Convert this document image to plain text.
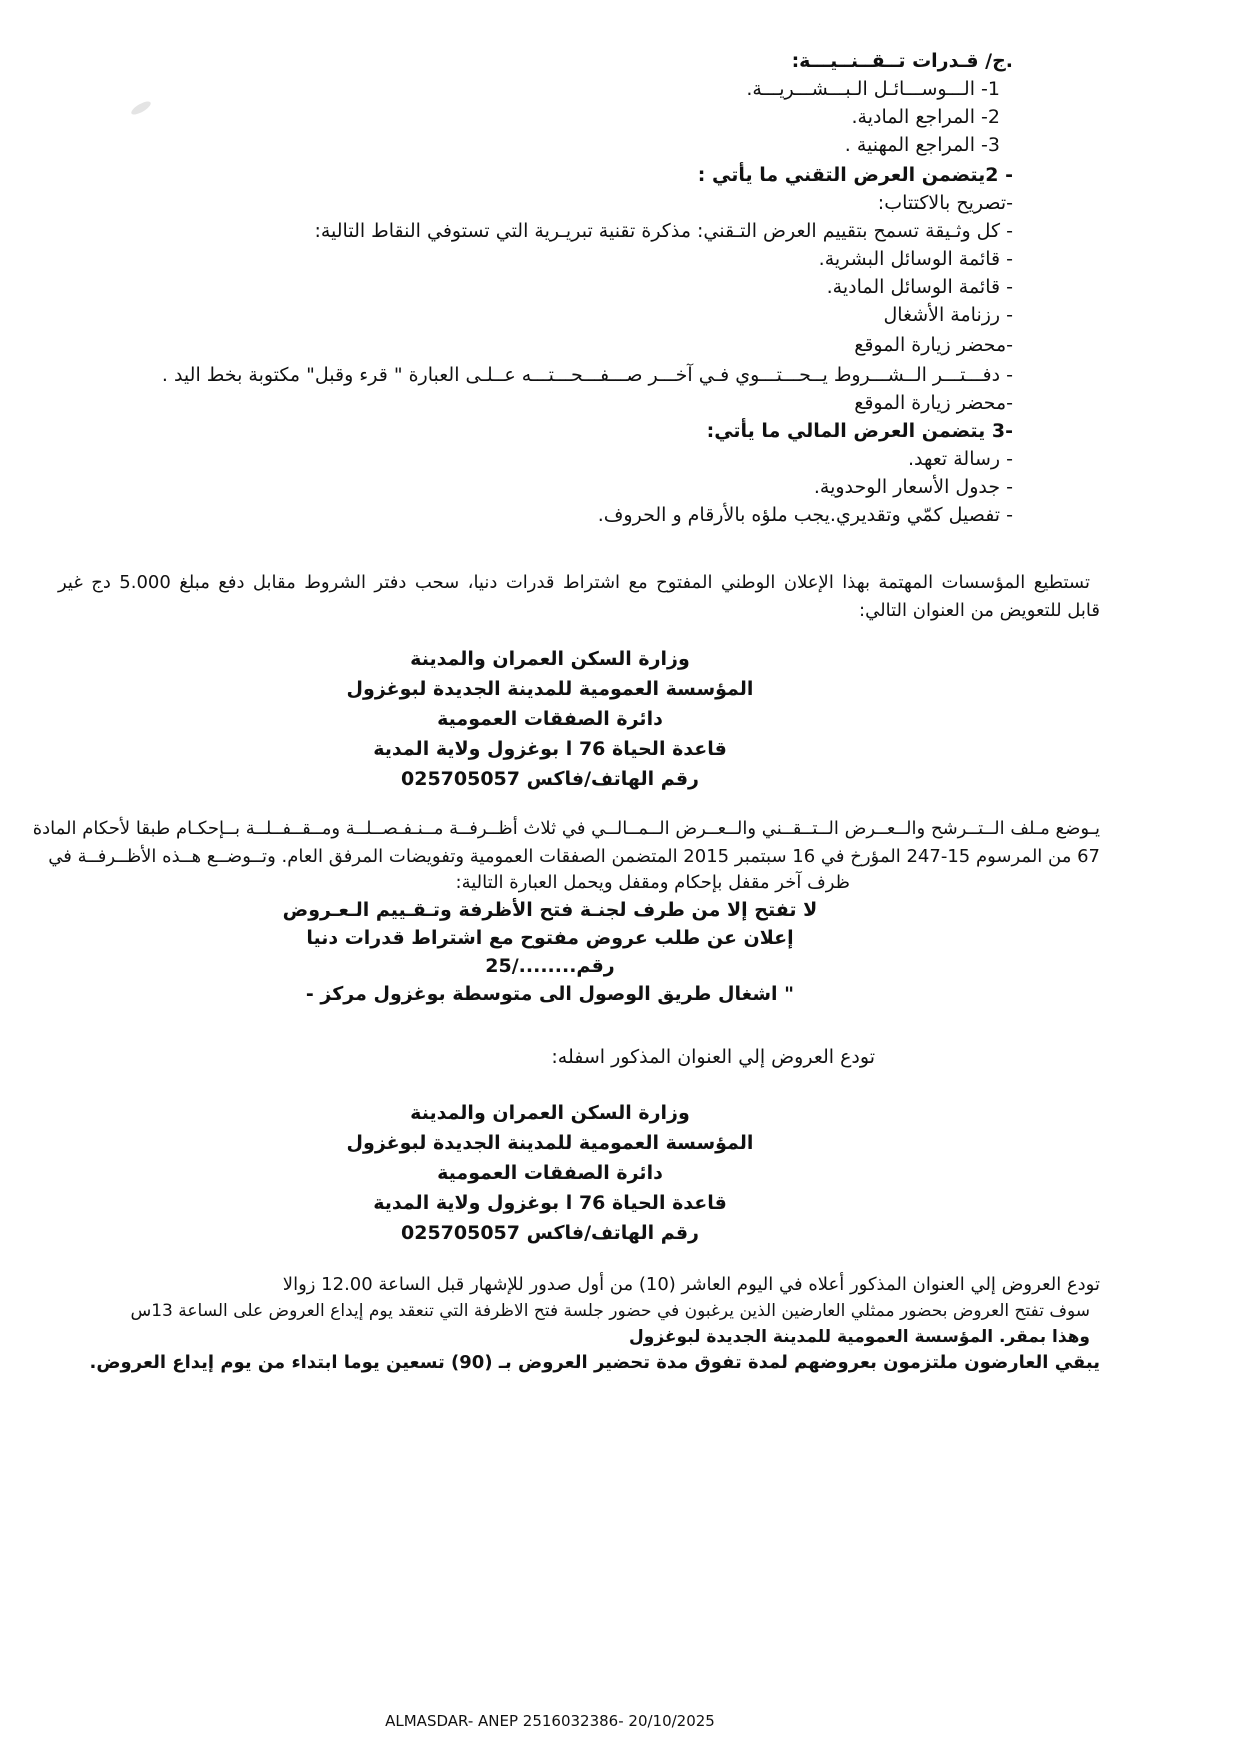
.ج/ قـدرات تــقــنــيـــة:
1- الـــوســـائـل الـبـــشـــريـــة.
2- المراجع المادية.
3- المراجع المهنية .
- 2يتضمن العرض التقني ما يأتي :
-تصريح بالاكتتاب:
- كل وثـيقة تسمح بتقييم العرض التـقني: مذكرة تقنية تبريـرية التي تستوفي النقاط التالية:
- قائمة الوسائل البشرية.
- قائمة الوسائل المادية.
- رزنامة الأشغال
-محضر زيارة الموقع
- دفـــتـــر الــشـــروط يــحـــتـــوي فـي آخـــر صـــفـــحـــتـــه عــلـى العبارة " قرء وقبل" مكتوبة بخط اليد .
-محضر زيارة الموقع
-3 يتضمن العرض المالي ما يأتي:
- رسالة تعهد.
- جدول الأسعار الوحدوية.
- تفصيل كمّي وتقديري.يجب ملؤه بالأرقام و الحروف.
تستطيع المؤسسات المهتمة بهذا الإعلان الوطني المفتوح مع اشتراط قدرات دنيا، سحب دفتر الشروط مقابل دفع مبلغ 5.000 دج غير
قابل للتعويض من العنوان التالي:
وزارة السكن العمران والمدينة
المؤسسة العمومية للمدينة الجديدة لبوغزول
دائرة الصفقات العمومية
قاعدة الحياة 76 ا بوغزول ولاية المدية
رقم الهاتف/فاكس 025705057
يـوضع مـلف الــتــرشح والــعــرض الــتــقــني والــعــرض الــمــالــي في ثلاث أظــرفــة مــنـفـصــلــة ومــقــفــلــة بــإحكـام طبقا لأحكام المادة
67 من المرسوم 15-247 المؤرخ في 16 سبتمبر 2015 المتضمن الصفقات العمومية وتفويضات المرفق العام. وتــوضــع هــذه الأظــرفــة في
ظرف آخر مقفل بإحكام ومقفل ويحمل العبارة التالية:
لا تفتح إلا من طرف لجنـة فتح الأظرفة وتـقـييم الـعـروض
إعلان عن طلب عروض مفتوح مع اشتراط قدرات دنيا
رقم......../25
" اشغال طريق الوصول الى متوسطة بوغزول مركز -
تودع العروض إلي العنوان المذكور اسفله:
وزارة السكن العمران والمدينة
المؤسسة العمومية للمدينة الجديدة لبوغزول
دائرة الصفقات العمومية
قاعدة الحياة 76 ا بوغزول ولاية المدية
رقم الهاتف/فاكس 025705057
تودع العروض إلي العنوان المذكور أعلاه في اليوم العاشر (10) من أول صدور للإشهار قبل الساعة 12.00 زوالا
سوف تفتح العروض بحضور ممثلي العارضين الذين يرغبون في حضور جلسة فتح الاظرفة التي تنعقد يوم إيداع العروض على الساعة 13س
وهذا بمقر. المؤسسة العمومية للمدينة الجديدة لبوغزول
يبقي العارضون ملتزمون بعروضهم لمدة تفوق مدة تحضير العروض بـ (90) تسعين يوما ابتداء من يوم إيداع العروض.
ALMASDAR- ANEP 2516032386- 20/10/2025
